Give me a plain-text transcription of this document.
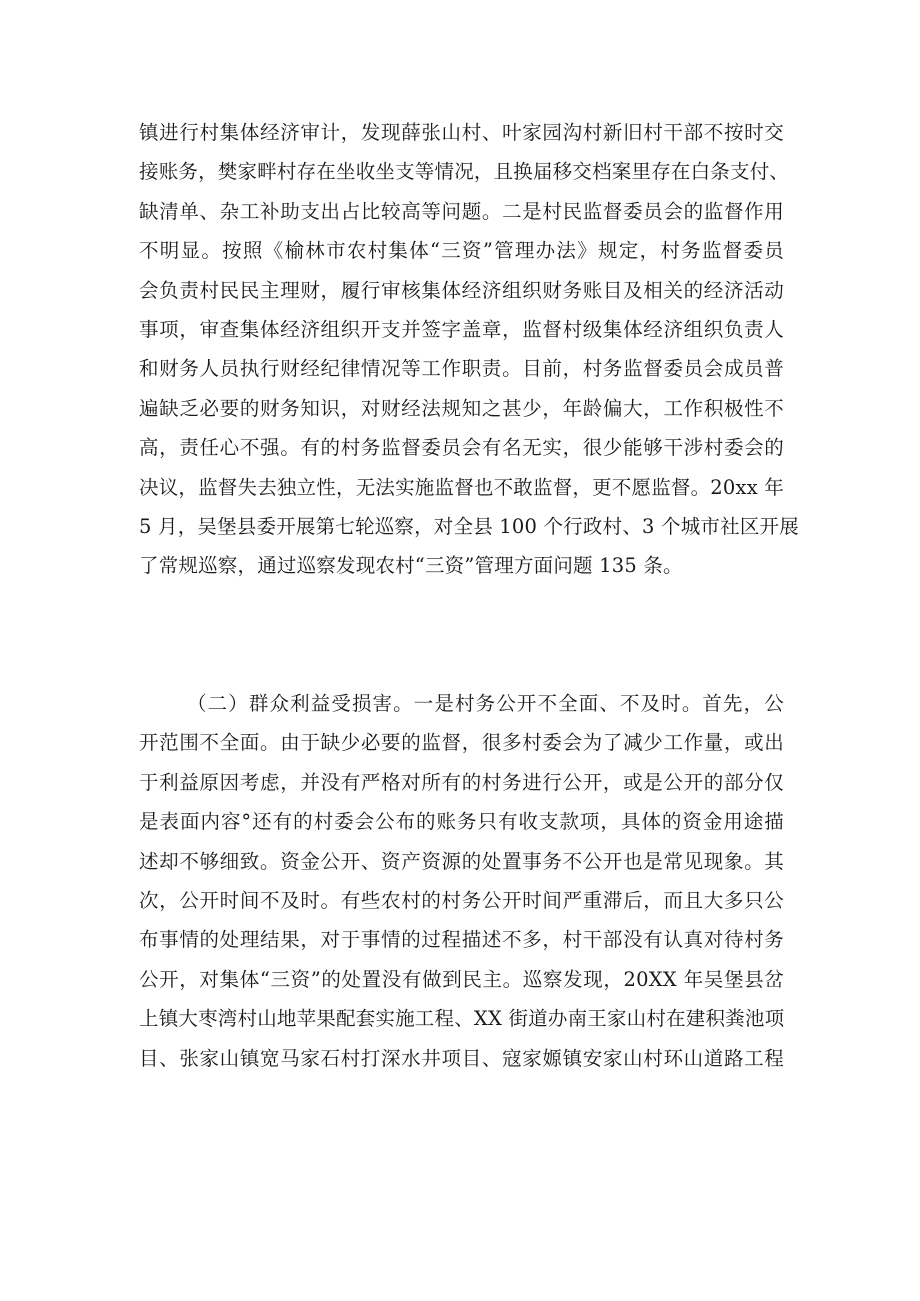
镇进行村集体经济审计，发现薛张山村、叶家园沟村新旧村干部不按时交
接账务，樊家畔村存在坐收坐支等情况，且换届移交档案里存在白条支付、
缺清单、杂工补助支出占比较高等问题。二是村民监督委员会的监督作用
不明显。按照《榆林市农村集体“三资”管理办法》规定，村务监督委员
会负责村民民主理财，履行审核集体经济组织财务账目及相关的经济活动
事项，审查集体经济组织开支并签字盖章，监督村级集体经济组织负责人
和财务人员执行财经纪律情况等工作职责。目前，村务监督委员会成员普
遍缺乏必要的财务知识，对财经法规知之甚少，年龄偏大，工作积极性不
高，责任心不强。有的村务监督委员会有名无实，很少能够干涉村委会的
决议，监督失去独立性，无法实施监督也不敢监督，更不愿监督。20xx 年
5 月，吴堡县委开展第七轮巡察，对全县 100 个行政村、3 个城市社区开展
了常规巡察，通过巡察发现农村“三资”管理方面问题 135 条。
（二）群众利益受损害。一是村务公开不全面、不及时。首先，公
开范围不全面。由于缺少必要的监督，很多村委会为了减少工作量，或出
于利益原因考虑，并没有严格对所有的村务进行公开，或是公开的部分仅
是表面内容°还有的村委会公布的账务只有收支款项，具体的资金用途描
述却不够细致。资金公开、资产资源的处置事务不公开也是常见现象。其
次，公开时间不及时。有些农村的村务公开时间严重滞后，而且大多只公
布事情的处理结果，对于事情的过程描述不多，村干部没有认真对待村务
公开，对集体“三资”的处置没有做到民主。巡察发现，20XX 年吴堡县岔
上镇大枣湾村山地苹果配套实施工程、XX 街道办南王家山村在建积粪池项
目、张家山镇宽马家石村打深水井项目、寇家嫄镇安家山村环山道路工程
